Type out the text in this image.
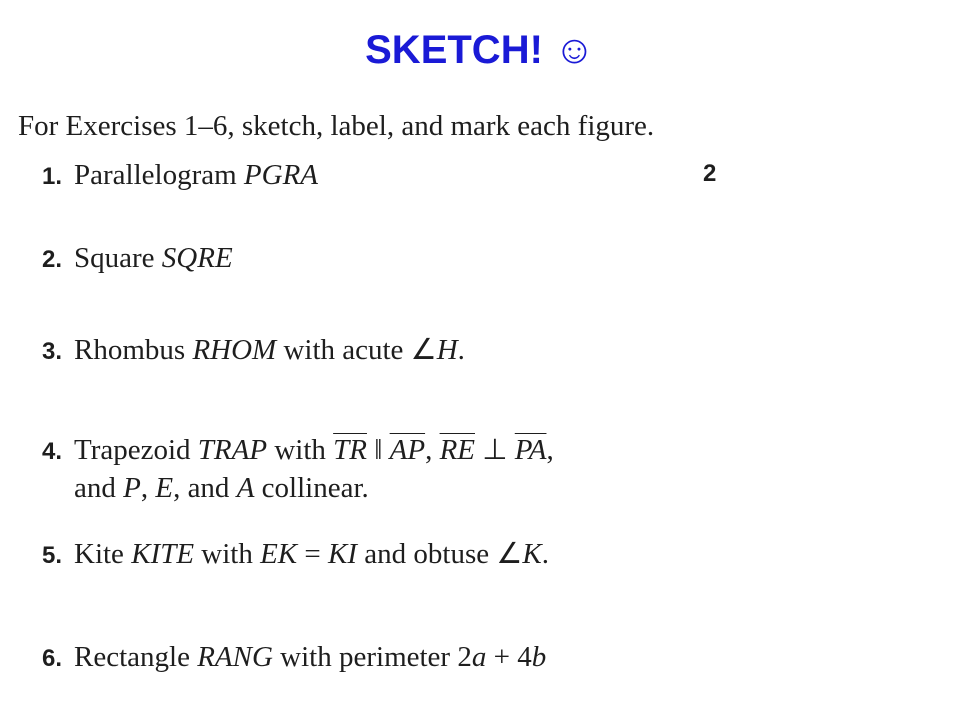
SKETCH! ☺
For Exercises 1–6, sketch, label, and mark each figure.
1. Parallelogram PGRA	2
2. Square SQRE
3. Rhombus RHOM with acute ∠H.
4. Trapezoid TRAP with $\overline{TR}$ ‖ $\overline{AP}$, $\overline{RE}$ ⊥ $\overline{PA}$,
and P, E, and A collinear.
5. Kite KITE with EK = KI and obtuse ∠K.
6. Rectangle RANG with perimeter 2a + 4b
